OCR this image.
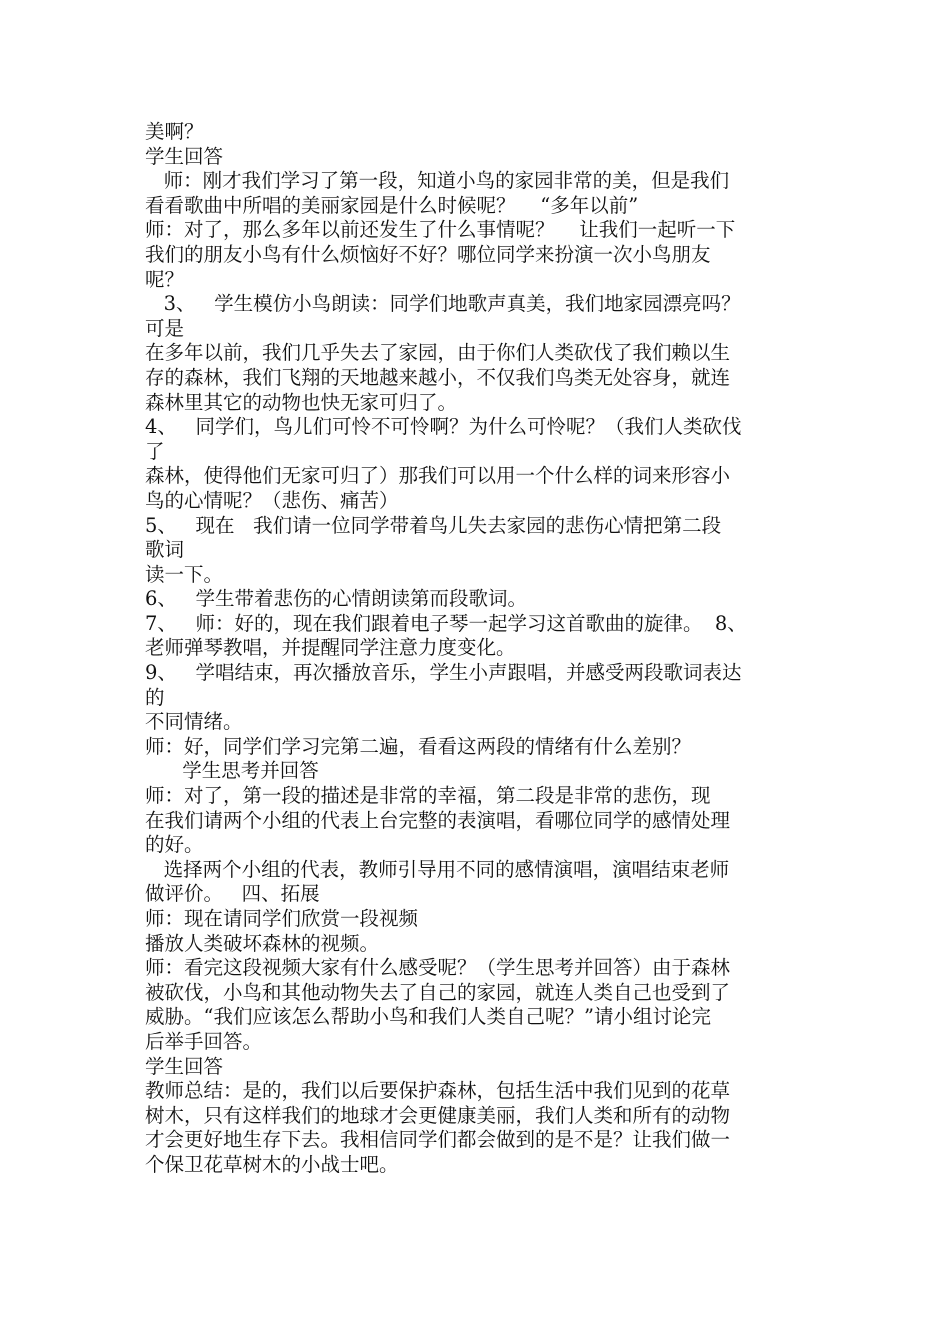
美啊？
学生回答
师：刚才我们学习了第一段，知道小鸟的家园非常的美，但是我们
看看歌曲中所唱的美丽家园是什么时候呢？    “多年以前”
师：对了，那么多年以前还发生了什么事情呢？    让我们一起听一下
我们的朋友小鸟有什么烦恼好不好？哪位同学来扮演一次小鸟朋友
呢？
3、   学生模仿小鸟朗读：同学们地歌声真美，我们地家园漂亮吗？
可是
在多年以前，我们几乎失去了家园，由于你们人类砍伐了我们赖以生
存的森林，我们飞翔的天地越来越小，不仅我们鸟类无处容身，就连
森林里其它的动物也快无家可归了。
4、   同学们，鸟儿们可怜不可怜啊？为什么可怜呢？（我们人类砍伐
了
森林，使得他们无家可归了）那我们可以用一个什么样的词来形容小
鸟的心情呢？（悲伤、痛苦）
5、   现在   我们请一位同学带着鸟儿失去家园的悲伤心情把第二段
歌词
读一下。
6、   学生带着悲伤的心情朗读第而段歌词。
7、   师：好的，现在我们跟着电子琴一起学习这首歌曲的旋律。  8、
老师弹琴教唱，并提醒同学注意力度变化。
9、   学唱结束，再次播放音乐，学生小声跟唱，并感受两段歌词表达
的
不同情绪。
师：好，同学们学习完第二遍，看看这两段的情绪有什么差别？
学生思考并回答
师：对了，第一段的描述是非常的幸福，第二段是非常的悲伤，现
在我们请两个小组的代表上台完整的表演唱，看哪位同学的感情处理
的好。
选择两个小组的代表，教师引导用不同的感情演唱，演唱结束老师
做评价。   四、拓展
师：现在请同学们欣赏一段视频
播放人类破坏森林的视频。
师：看完这段视频大家有什么感受呢？（学生思考并回答）由于森林
被砍伐，小鸟和其他动物失去了自己的家园，就连人类自己也受到了
威胁。“我们应该怎么帮助小鸟和我们人类自己呢？”请小组讨论完
后举手回答。
学生回答
教师总结：是的，我们以后要保护森林，包括生活中我们见到的花草
树木，只有这样我们的地球才会更健康美丽，我们人类和所有的动物
才会更好地生存下去。我相信同学们都会做到的是不是？让我们做一
个保卫花草树木的小战士吧。
